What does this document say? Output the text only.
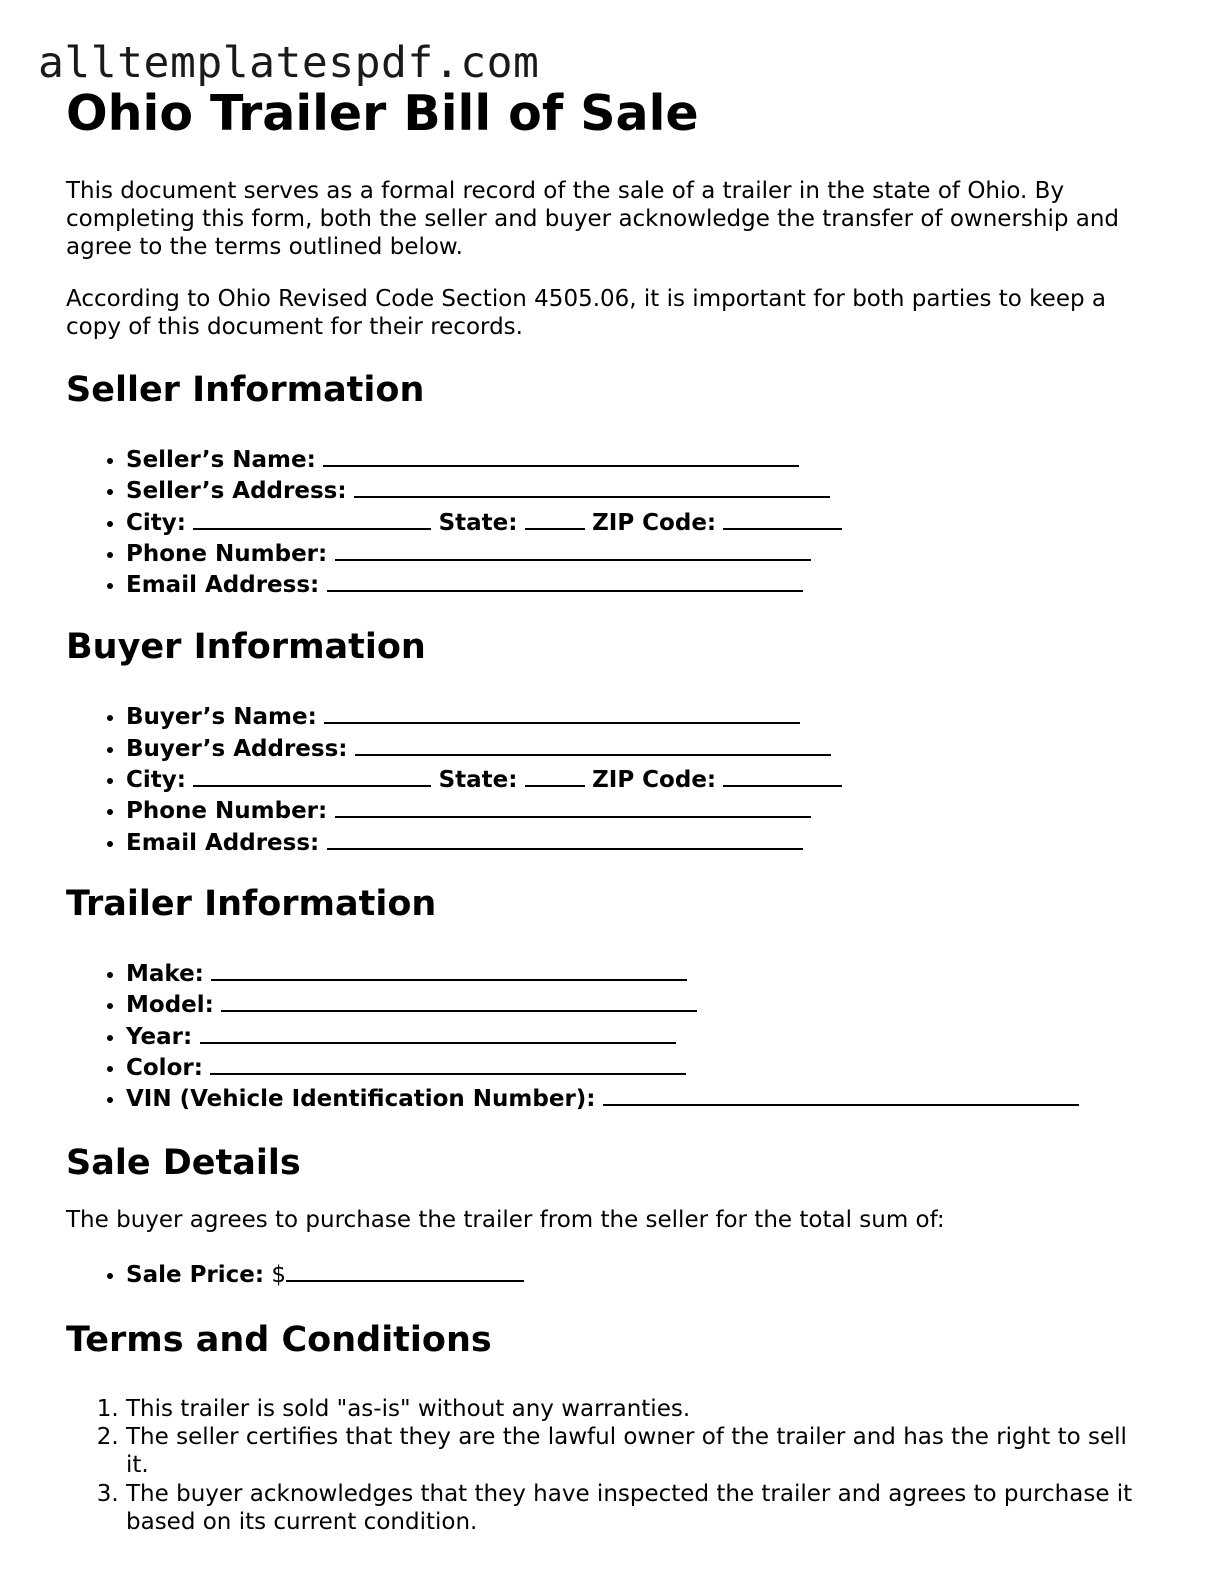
alltemplatespdf.com
Ohio Trailer Bill of Sale

This document serves as a formal record of the sale of a trailer in the state of Ohio. By completing this form, both the seller and buyer acknowledge the transfer of ownership and agree to the terms outlined below.

According to Ohio Revised Code Section 4505.06, it is important for both parties to keep a copy of this document for their records.

Seller Information
• Seller’s Name:
• Seller’s Address:
• City:	State:	ZIP Code:
• Phone Number:
• Email Address:
Buyer Information
• Buyer’s Name:
• Buyer’s Address:
• City:	State:	ZIP Code:
• Phone Number:
• Email Address:
Trailer Information
• Make:
• Model:
• Year:
• Color:
• VIN (Vehicle Identification Number):
Sale Details

The buyer agrees to purchase the trailer from the seller for the total sum of:

• Sale Price: $
Terms and Conditions
1. This trailer is sold "as-is" without any warranties.
2. The seller certifies that they are the lawful owner of the trailer and has the right to sell it.
3. The buyer acknowledges that they have inspected the trailer and agrees to purchase it based on its current condition.
